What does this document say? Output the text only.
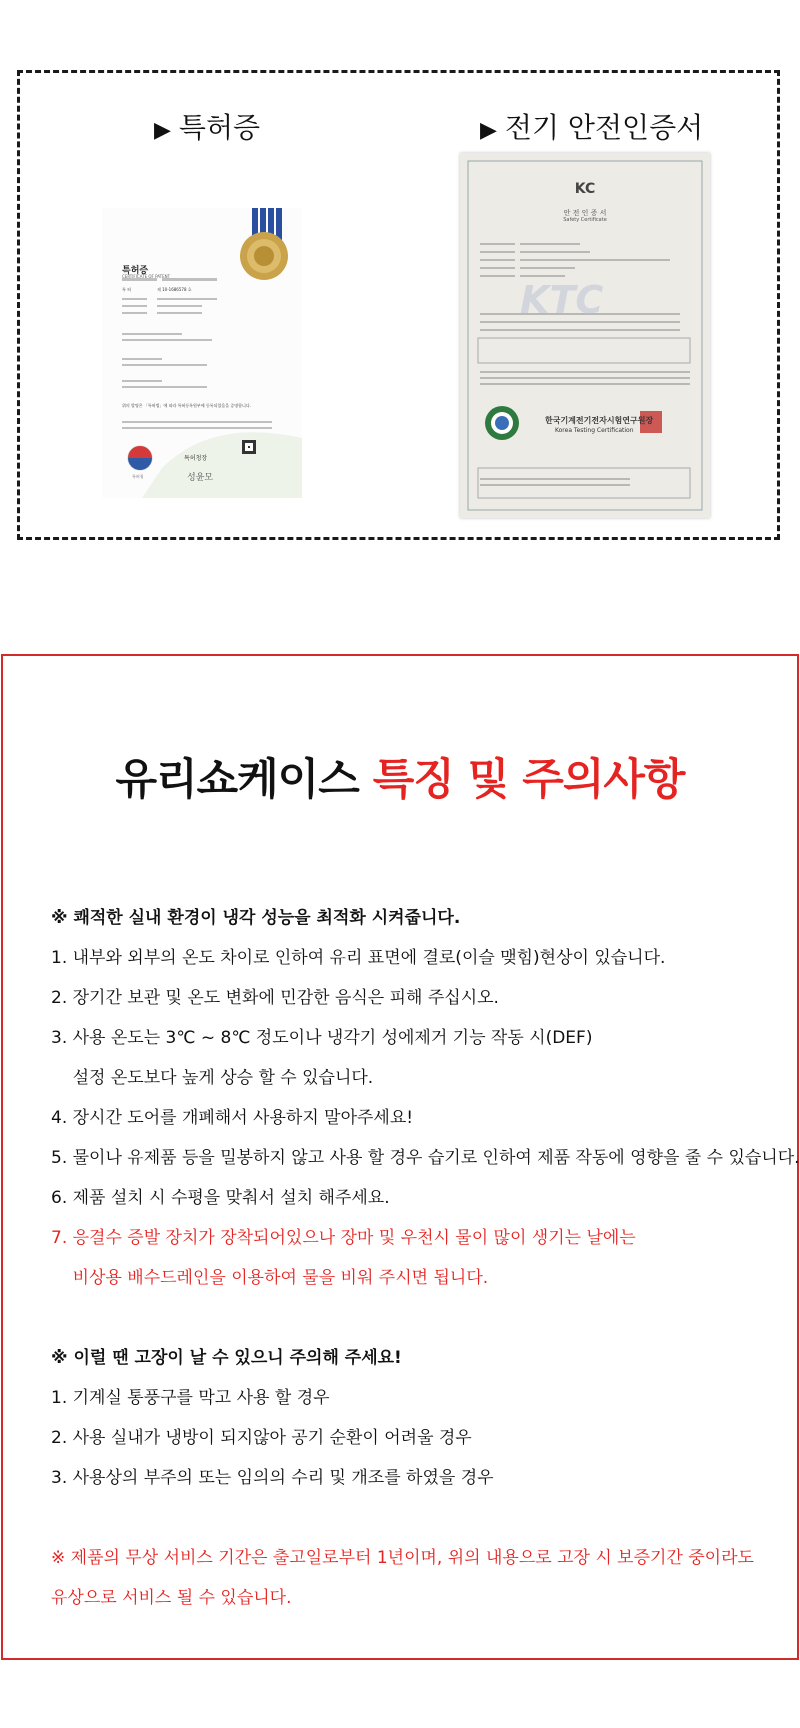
▶ 특허증	▶ 전기 안전인증서
특허증
CERTIFICATE OF PATENT
특 허	제 10-1686578 호
위의 발명은 「특허법」에 따라 특허등록원부에 등록되었음을 증명합니다.
특허청장
성윤모
특허청
KC
안 전 인 증 서
Safety Certificate
KTC
한국기계전기전자시험연구원장
Korea Testing Certification
유리쇼케이스 특징 및 주의사항
※ 쾌적한 실내 환경이 냉각 성능을 최적화 시켜줍니다.
1. 내부와 외부의 온도 차이로 인하여 유리 표면에 결로(이슬 맺힘)현상이 있습니다.
2. 장기간 보관 및 온도 변화에 민감한 음식은 피해 주십시오.
3. 사용 온도는 3℃ ~ 8℃ 정도이나 냉각기 성에제거 기능 작동 시(DEF)
설정 온도보다 높게 상승 할 수 있습니다.
4. 장시간 도어를 개폐해서 사용하지 말아주세요!
5. 물이나 유제품 등을 밀봉하지 않고 사용 할 경우 습기로 인하여 제품 작동에 영향을 줄 수 있습니다.
6. 제품 설치 시 수평을 맞춰서 설치 해주세요.
7. 응결수 증발 장치가 장착되어있으나 장마 및 우천시 물이 많이 생기는 날에는
비상용 배수드레인을 이용하여 물을 비워 주시면 됩니다.
※ 이럴 땐 고장이 날 수 있으니 주의해 주세요!
1. 기계실 통풍구를 막고 사용 할 경우
2. 사용 실내가 냉방이 되지않아 공기 순환이 어려울 경우
3. 사용상의 부주의 또는 임의의 수리 및 개조를 하였을 경우
※ 제품의 무상 서비스 기간은 출고일로부터 1년이며, 위의 내용으로 고장 시 보증기간 중이라도
유상으로 서비스 될 수 있습니다.
